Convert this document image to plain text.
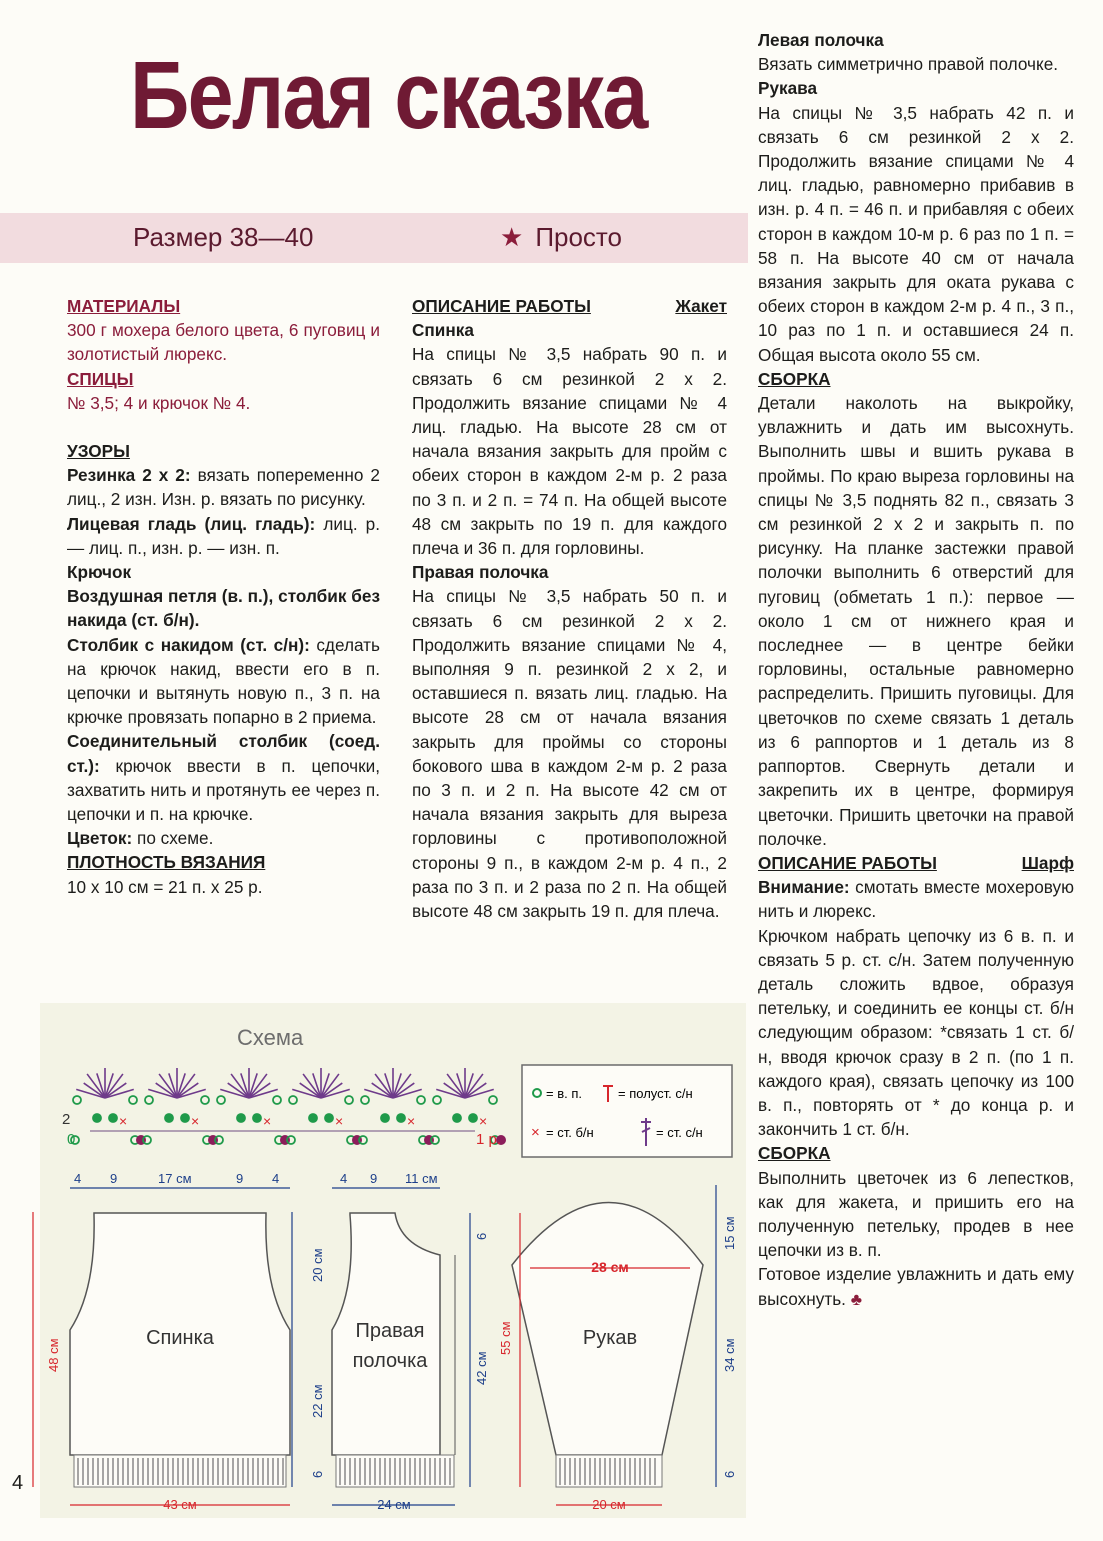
Белая сказка
Размер 38—40	★ Просто

МАТЕРИАЛЫ

300 г мохера белого цвета, 6 пуговиц и золотистый люрекс.

СПИЦЫ

№ 3,5; 4 и крючок № 4.

УЗОРЫ

Резинка 2 х 2: вязать попеременно 2 лиц., 2 изн. Изн. р. вязать по рисунку.

Лицевая гладь (лиц. гладь): лиц. р. — лиц. п., изн. р. — изн. п.

Крючок

Воздушная петля (в. п.), столбик без накида (ст. б/н).

Столбик с накидом (ст. с/н): сделать на крючок накид, ввести его в п. цепочки и вытянуть новую п., 3 п. на крючке провязать попарно в 2 приема.

Соединительный столбик (соед. ст.): крючок ввести в п. цепочки, захватить нить и протянуть ее через п. цепочки и п. на крючке.

Цветок: по схеме.

ПЛОТНОСТЬ ВЯЗАНИЯ

10 х 10 см = 21 п. х 25 р.

ОПИСАНИЕ РАБОТЫ	Жакет

Спинка

На спицы № 3,5 набрать 90 п. и связать 6 см резинкой 2 х 2. Продолжить вязание спицами № 4 лиц. гладью. На высоте 28 см от начала вязания закрыть для пройм с обеих сторон в каждом 2-м р. 2 раза по 3 п. и 2 п. = 74 п. На общей высоте 48 см закрыть по 19 п. для каждого плеча и 36 п. для горловины.

Правая полочка

На спицы № 3,5 набрать 50 п. и связать 6 см резинкой 2 х 2. Продолжить вязание спицами № 4, выполняя 9 п. резинкой 2 х 2, и оставшиеся п. вязать лиц. гладью. На высоте 28 см от начала вязания закрыть для проймы со стороны бокового шва в каждом 2-м р. 2 раза по 3 п. и 2 п. На высоте 42 см от начала вязания закрыть для выреза горловины с противоположной стороны 9 п., в каждом 2-м р. 4 п., 2 раза по 3 п. и 2 раза по 2 п. На общей высоте 48 см закрыть 19 п. для плеча.

Левая полочка

Вязать симметрично правой полочке.

Рукава

На спицы № 3,5 набрать 42 п. и связать 6 см резинкой 2 х 2. Продолжить вязание спицами № 4 лиц. гладью, равномерно прибавив в изн. р. 4 п. = 46 п. и прибавляя с обеих сторон в каждом 10-м р. 6 раз по 1 п. = 58 п. На высоте 40 см от начала вязания закрыть для оката рукава с обеих сторон в каждом 2-м р. 4 п., 3 п., 10 раз по 1 п. и оставшиеся 24 п. Общая высота около 55 см.

СБОРКА

Детали наколоть на выкройку, увлажнить и дать им высохнуть. Выполнить швы и вшить рукава в проймы. По краю выреза горловины на спицы № 3,5 поднять 82 п., связать 3 см резинкой 2 х 2 и закрыть п. по рисунку. На планке застежки правой полочки выполнить 6 отверстий для пуговиц (обметать 1 п.): первое — около 1 см от нижнего края и последнее — в центре бейки горловины, остальные равномерно распределить. Пришить пуговицы. Для цветочков по схеме связать 1 деталь из 6 раппортов и 1 деталь из 8 раппортов. Свернуть детали и закрепить их в центре, формируя цветочки. Пришить цветочки на правой полочке.

ОПИСАНИЕ РАБОТЫ	Шарф

Внимание: смотать вместе мохеровую нить и люрекс.

Крючком набрать цепочку из 6 в. п. и связать 5 р. ст. с/н. Затем полученную деталь сложить вдвое, образуя петельку, и соединить ее концы ст. б/н следующим образом: *связать 1 ст. б/н, вводя крючок сразу в 2 п. (по 1 п. каждого края), связать цепочку из 100 в. п., повторять от * до конца р. и закончить 1 ст. б/н.

СБОРКА

Выполнить цветочек из 6 лепестков, как для жакета, и пришить его на полученную петельку, продев в нее цепочки из в. п.

Готовое изделие увлажнить и дать ему высохнуть. ♣

Схема
×	×	×	×	×	×
2
0	1 р.
= в. п.	= полуст. с/н
× = ст. б/н	= ст. с/н
Спинка
4 9	17 см	9 4
48 см
20 см
22 см
6
43 см
Правая
полочка
4 9 11 см
6
42 см
24 см
Рукав
28 см
55 см
15 см
34 см
6
20 см
4
